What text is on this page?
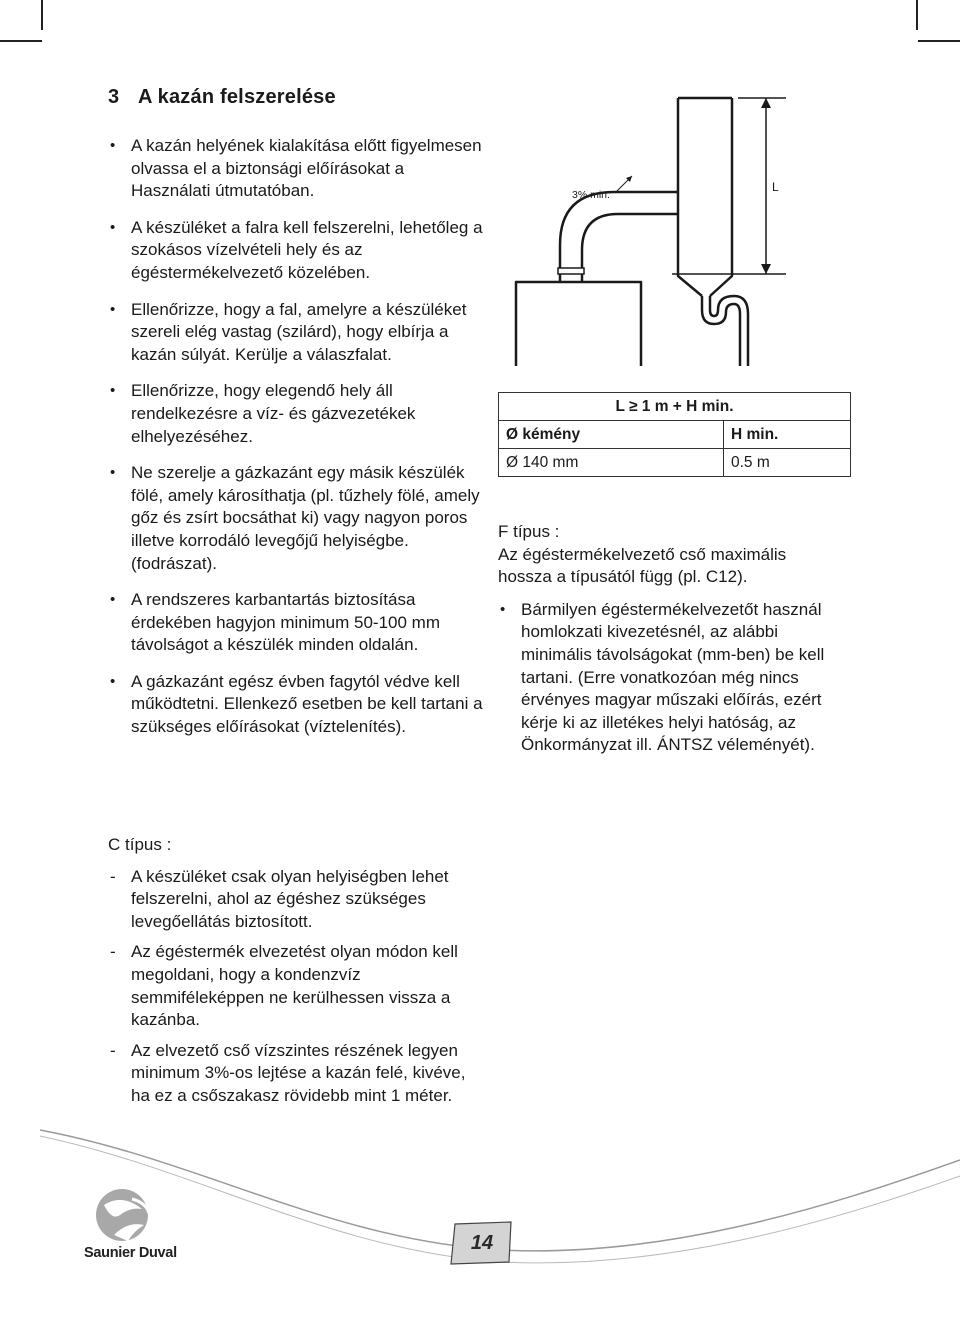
3 A kazán felszerelése
• A kazán helyének kialakítása előtt figyelmesen olvassa el a biztonsági előírásokat a Használati útmutatóban.
• A készüléket a falra kell felszerelni, lehetőleg a szokásos vízelvételi hely és az égéstermékelvezető közelében.
• Ellenőrizze, hogy a fal, amelyre a készüléket szereli elég vastag (szilárd), hogy elbírja a kazán súlyát. Kerülje a válaszfalat.
• Ellenőrizze, hogy elegendő hely áll rendelkezésre a víz- és gázvezetékek elhelyezéséhez.
• Ne szerelje a gázkazánt egy másik készülék fölé, amely károsíthatja (pl. tűzhely fölé, amely gőz és zsírt bocsáthat ki) vagy nagyon poros illetve korrodáló levegőjű helyiségbe. (fodrászat).
• A rendszeres karbantartás biztosítása érdekében hagyjon minimum 50-100 mm távolságot a készülék minden oldalán.
• A gázkazánt egész évben fagytól védve kell működtetni. Ellenkező esetben be kell tartani a szükséges előírásokat (víztelenítés).
C típus :
- A készüléket csak olyan helyiségben lehet felszerelni, ahol az égéshez szükséges levegőellátás biztosított.
- Az égéstermék elvezetést olyan módon kell megoldani, hogy a kondenzvíz semmiféleképpen ne kerülhessen vissza a kazánba.
- Az elvezető cső vízszintes részének legyen minimum 3%-os lejtése a kazán felé, kivéve, ha ez a csőszakasz rövidebb mint 1 méter.
L
3% min.
L ≥ 1 m + H min.	
Ø kémény	H min.
Ø 140 mm	0.5 m
F típus :
Az égéstermékelvezető cső maximális hossza a típusától függ (pl. C12).
• Bármilyen égéstermékelvezetőt használ homlokzati kivezetésnél, az alábbi minimális távolságokat (mm-ben) be kell tartani. (Erre vonatkozóan még nincs érvényes magyar műszaki előírás, ezért kérje ki az illetékes helyi hatóság, az Önkormányzat ill. ÁNTSZ véleményét).
Saunier Duval	14
